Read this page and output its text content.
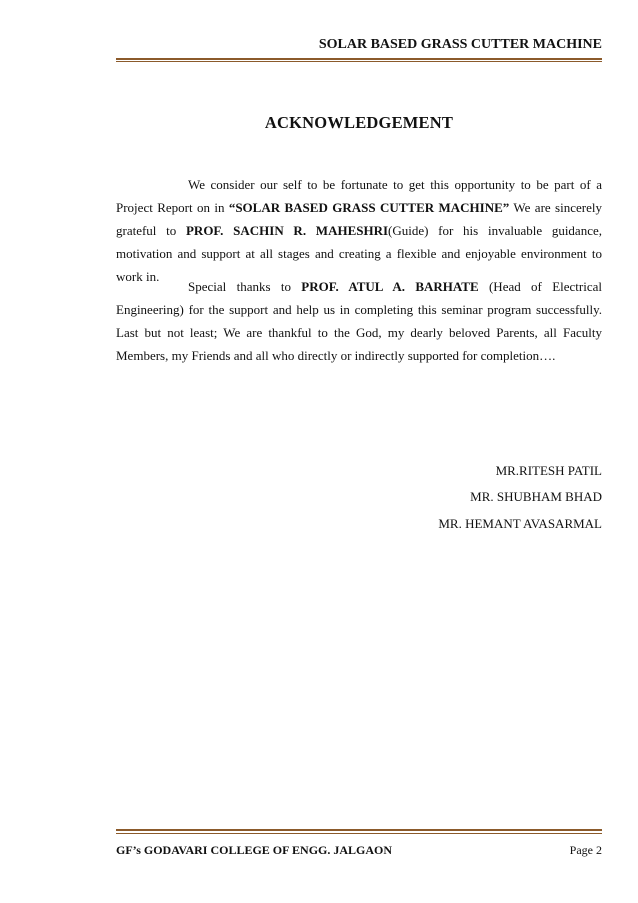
SOLAR BASED GRASS CUTTER MACHINE
ACKNOWLEDGEMENT
We consider our self to be fortunate to get this opportunity to be part of a Project Report on in “SOLAR BASED GRASS CUTTER MACHINE” We are sincerely grateful to PROF. SACHIN R. MAHESHRI(Guide) for his invaluable guidance, motivation and support at all stages and creating a flexible and enjoyable environment to work in.
Special thanks to PROF. ATUL A. BARHATE (Head of Electrical Engineering) for the support and help us in completing this seminar program successfully. Last but not least; We are thankful to the God, my dearly beloved Parents, all Faculty Members, my Friends and all who directly or indirectly supported for completion….
MR.RITESH PATIL
MR. SHUBHAM BHAD
MR. HEMANT AVASARMAL
GF’s GODAVARI COLLEGE OF ENGG. JALGAON	Page 2
